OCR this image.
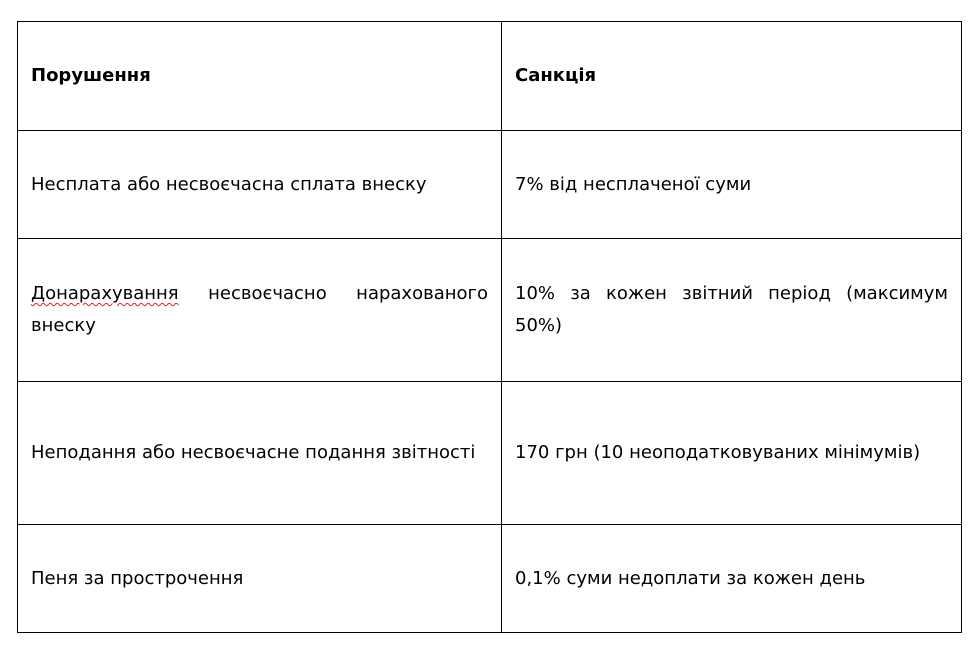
Порушення	Санкція
Несплата або несвоєчасна сплата внеску	7% від несплаченої суми
Донарахування несвоєчасно нарахованого внеску	10% за кожен звітний період (максимум 50%)
Неподання або несвоєчасне подання звітності	170 грн (10 неоподатковуваних мінімумів)
Пеня за прострочення	0,1% суми недоплати за кожен день
